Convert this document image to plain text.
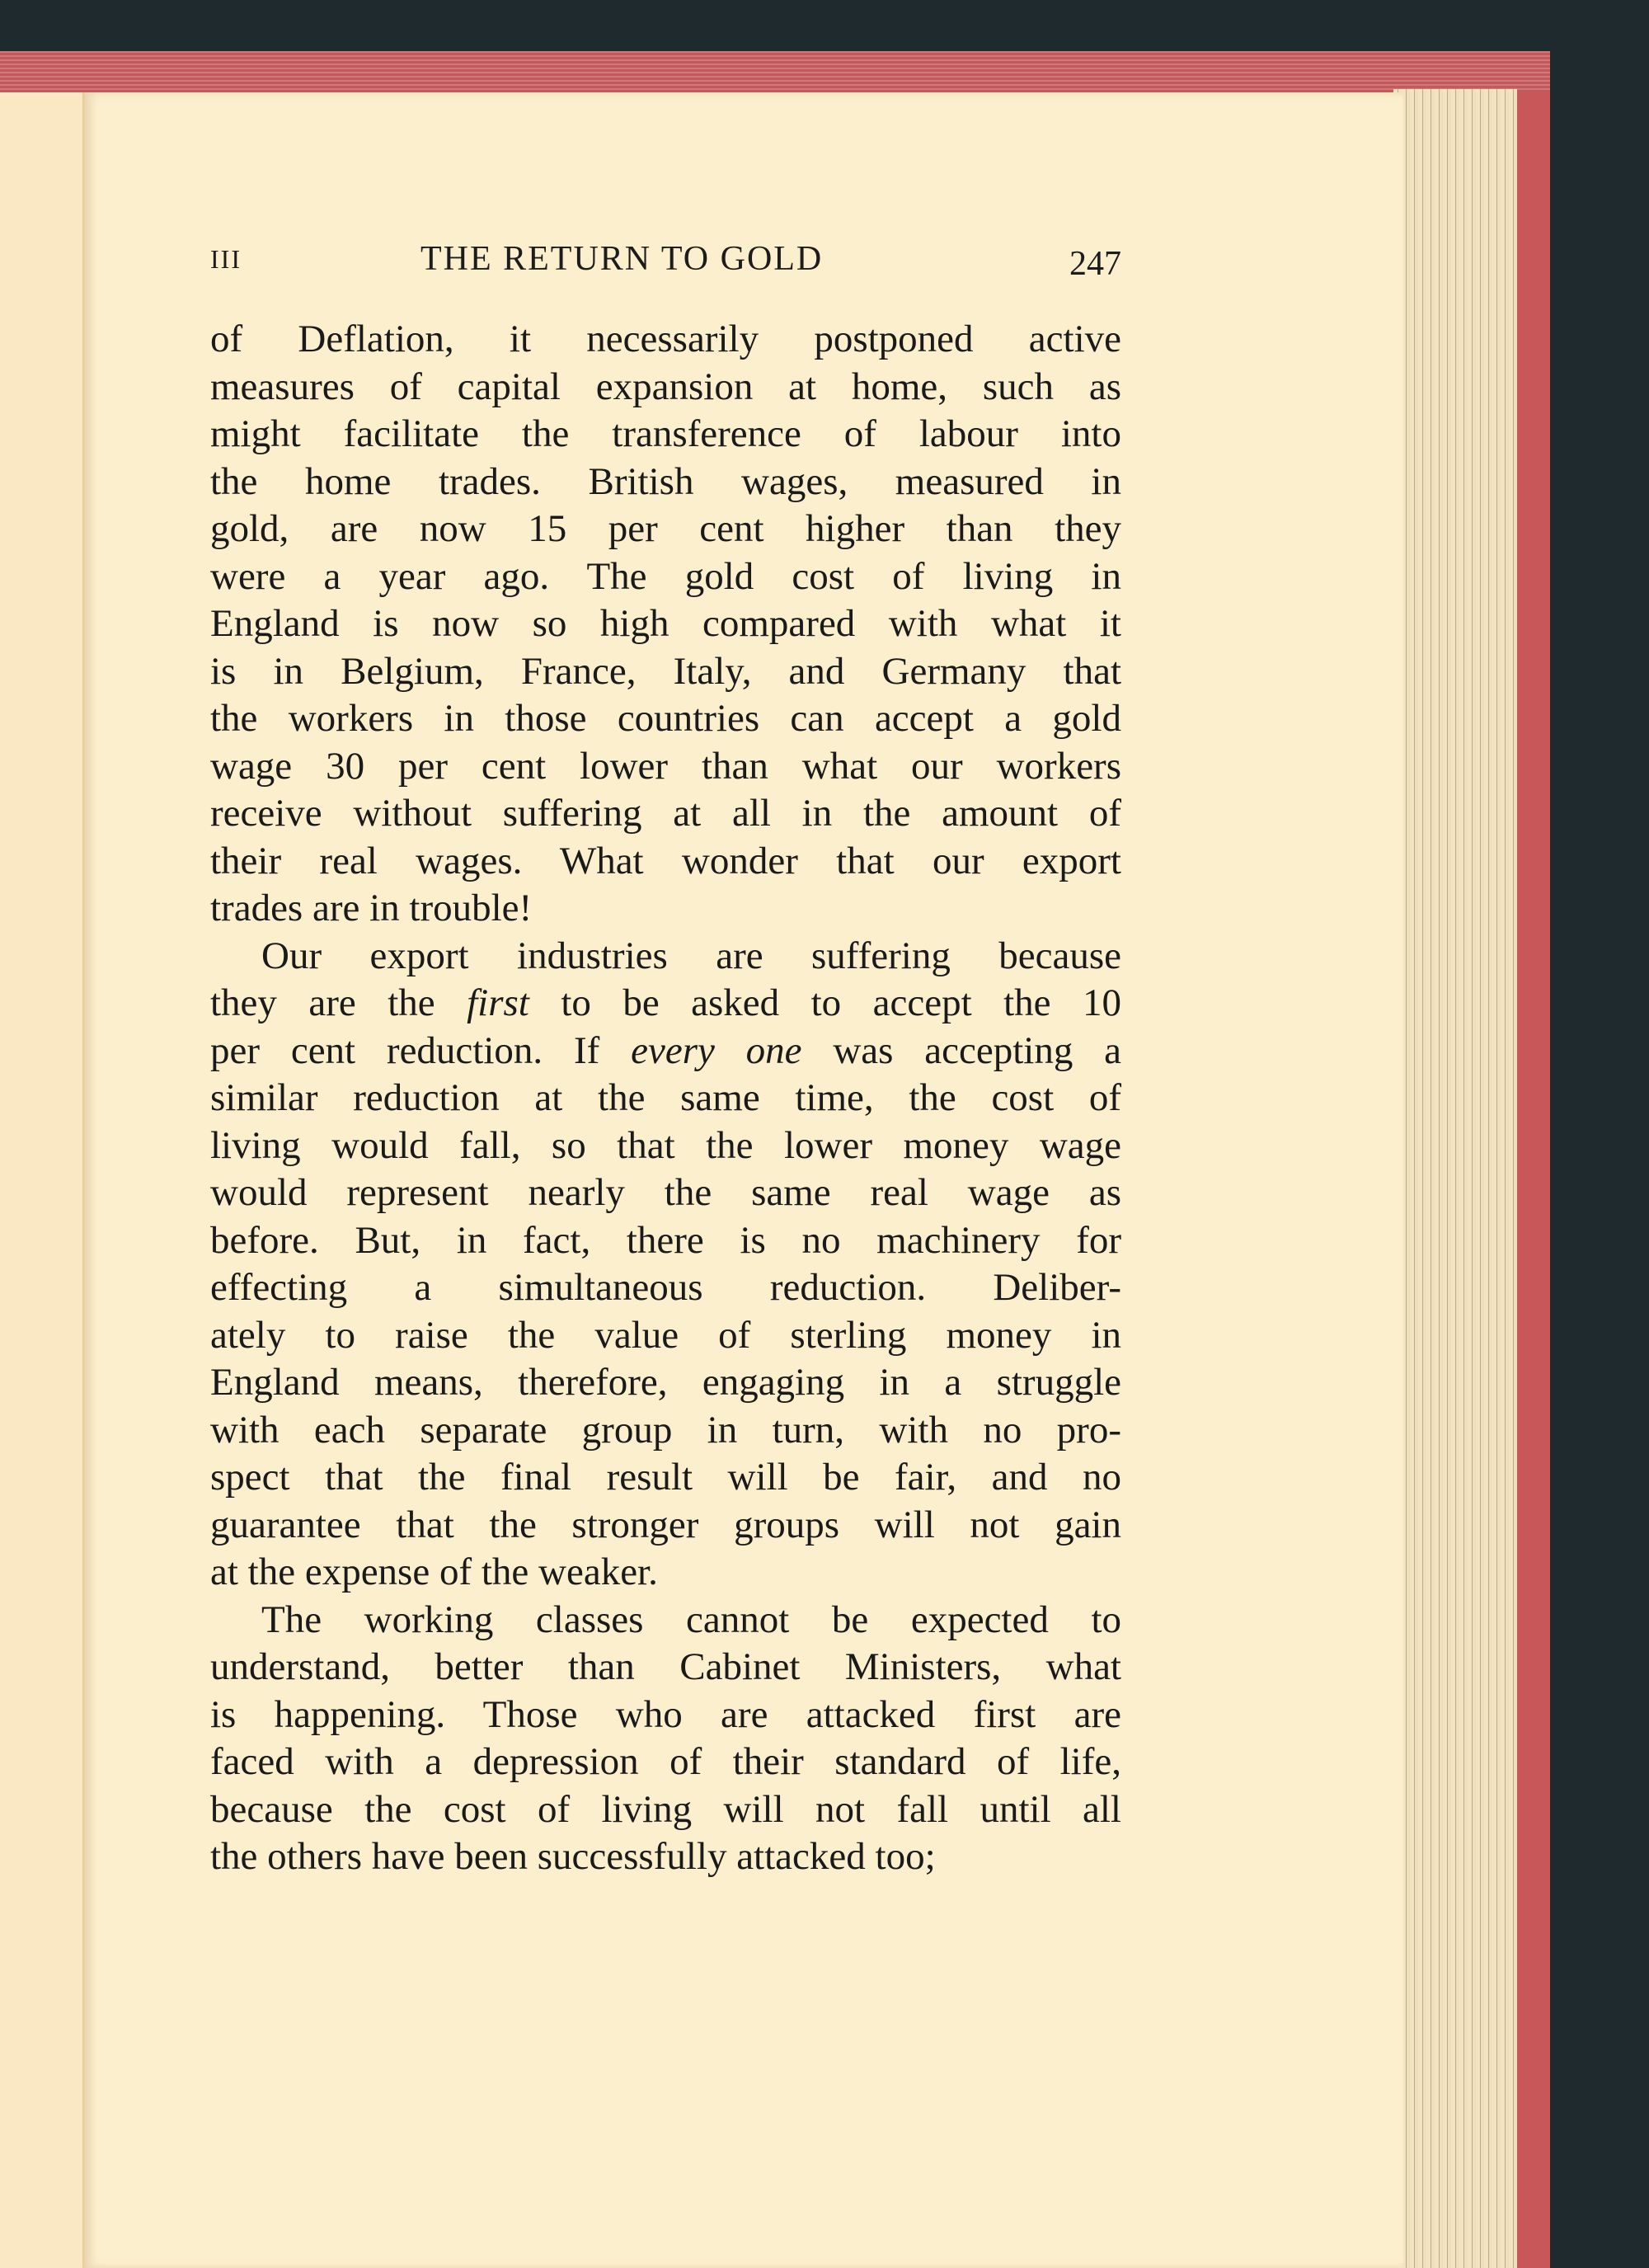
III	THE RETURN TO GOLD	247
of Deflation, it necessarily postponed active
measures of capital expansion at home, such as
might facilitate the transference of labour into
the home trades. British wages, measured in
gold, are now 15 per cent higher than they
were a year ago. The gold cost of living in
England is now so high compared with what it
is in Belgium, France, Italy, and Germany that
the workers in those countries can accept a gold
wage 30 per cent lower than what our workers
receive without suffering at all in the amount of
their real wages. What wonder that our export
trades are in trouble!
Our export industries are suffering because
they are the first to be asked to accept the 10
per cent reduction. If every one was accepting a
similar reduction at the same time, the cost of
living would fall, so that the lower money wage
would represent nearly the same real wage as
before. But, in fact, there is no machinery for
effecting a simultaneous reduction. Deliber-
ately to raise the value of sterling money in
England means, therefore, engaging in a struggle
with each separate group in turn, with no pro-
spect that the final result will be fair, and no
guarantee that the stronger groups will not gain
at the expense of the weaker.
The working classes cannot be expected to
understand, better than Cabinet Ministers, what
is happening. Those who are attacked first are
faced with a depression of their standard of life,
because the cost of living will not fall until all
the others have been successfully attacked too;
